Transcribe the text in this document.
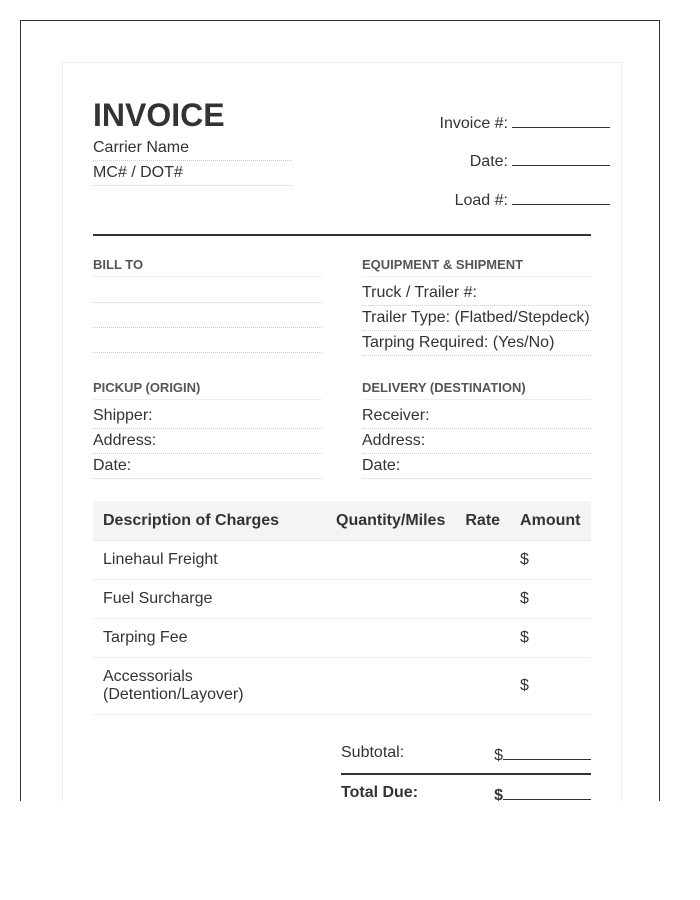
INVOICE
Carrier Name
MC# / DOT#
Invoice #:
Date:
Load #:
BILL TO	EQUIPMENT & SHIPMENT
Truck / Trailer #:
Trailer Type: (Flatbed/Stepdeck)
Tarping Required: (Yes/No)
PICKUP (ORIGIN)
Shipper:
Address:
Date:
DELIVERY (DESTINATION)
Receiver:
Address:
Date:
Description of Charges	Quantity/Miles	Rate	Amount
Linehaul Freight			$
Fuel Surcharge			$
Tarping Fee			$
Accessorials (Detention/Layover)			$
Subtotal:	$
Total Due:	$
